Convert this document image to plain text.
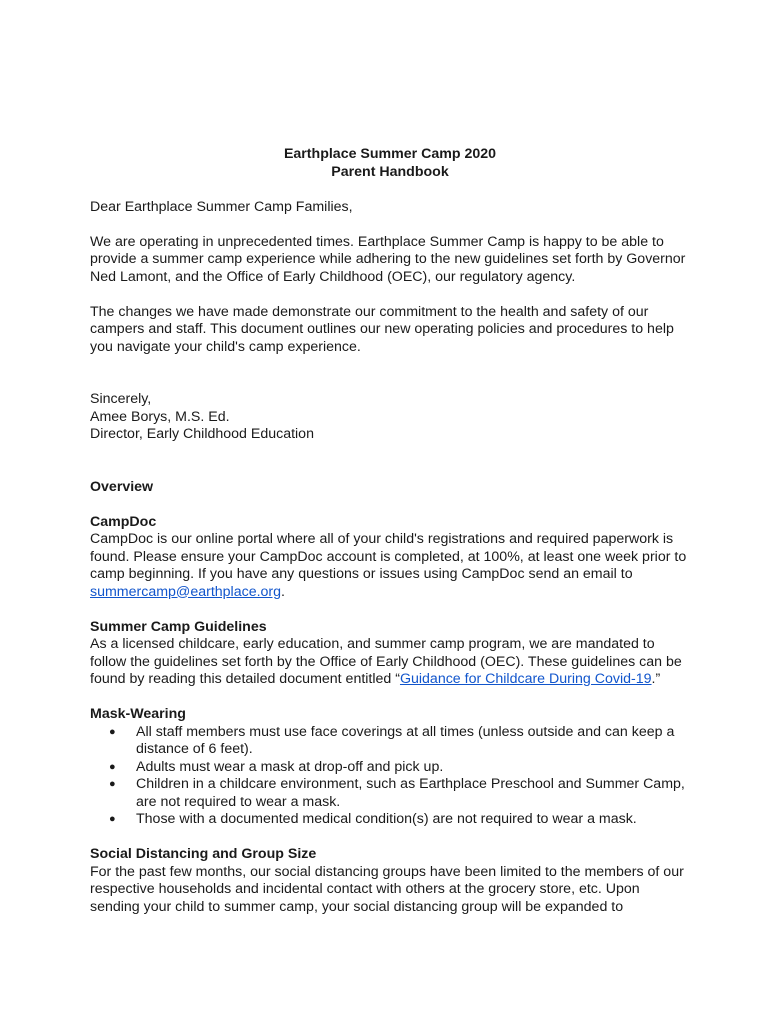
Earthplace Summer Camp 2020

Parent Handbook

Dear Earthplace Summer Camp Families,

We are operating in unprecedented times. Earthplace Summer Camp is happy to be able to provide a summer camp experience while adhering to the new guidelines set forth by Governor Ned Lamont, and the Office of Early Childhood (OEC), our regulatory agency.

The changes we have made demonstrate our commitment to the health and safety of our campers and staff. This document outlines our new operating policies and procedures to help you navigate your child's camp experience.

Sincerely,

Amee Borys, M.S. Ed.

Director, Early Childhood Education

Overview

CampDoc

CampDoc is our online portal where all of your child's registrations and required paperwork is found. Please ensure your CampDoc account is completed, at 100%, at least one week prior to camp beginning. If you have any questions or issues using CampDoc send an email to summercamp@earthplace.org.

Summer Camp Guidelines

As a licensed childcare, early education, and summer camp program, we are mandated to follow the guidelines set forth by the Office of Early Childhood (OEC). These guidelines can be found by reading this detailed document entitled “Guidance for Childcare During Covid-19.”

Mask-Wearing

● All staff members must use face coverings at all times (unless outside and can keep a distance of 6 feet).
● Adults must wear a mask at drop-off and pick up.
● Children in a childcare environment, such as Earthplace Preschool and Summer Camp, are not required to wear a mask.
● Those with a documented medical condition(s) are not required to wear a mask.

Social Distancing and Group Size

For the past few months, our social distancing groups have been limited to the members of our respective households and incidental contact with others at the grocery store, etc. Upon sending your child to summer camp, your social distancing group will be expanded to
